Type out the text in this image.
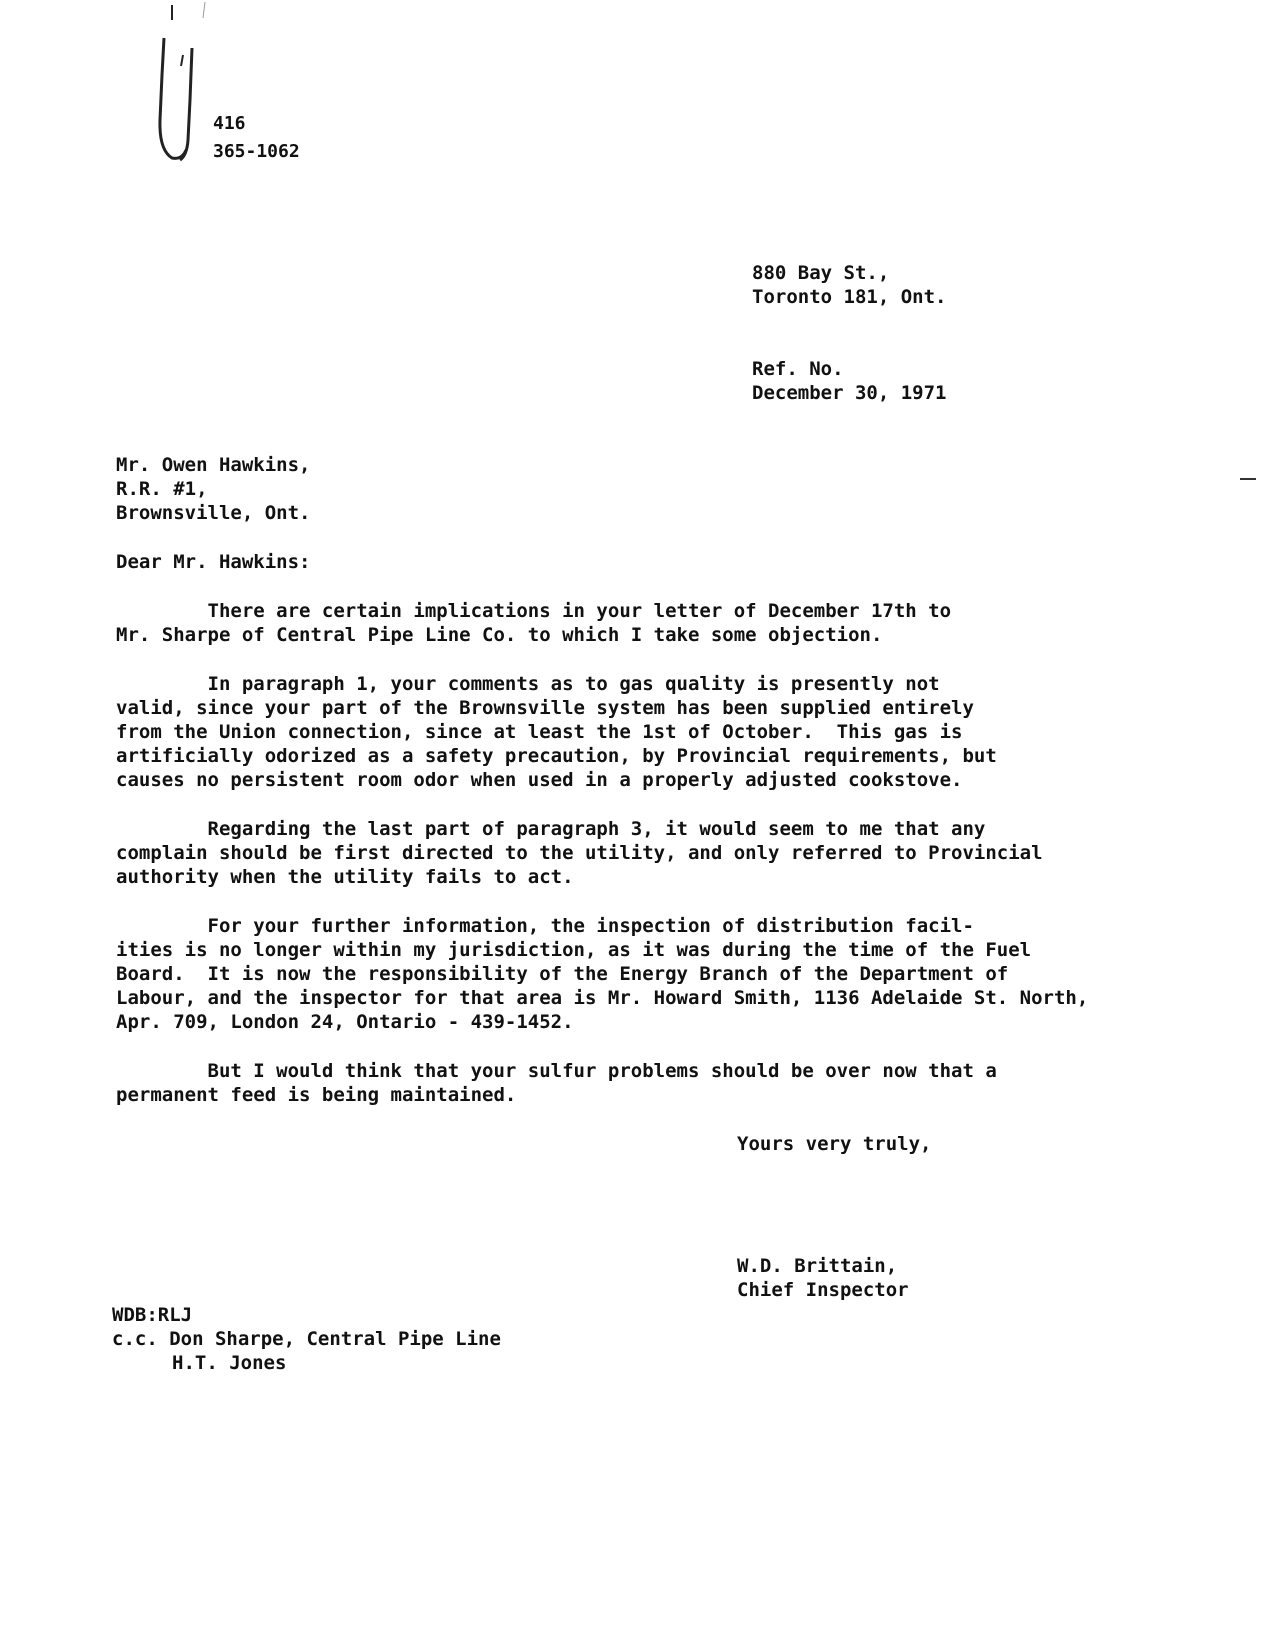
416
365-1062
880 Bay St.,
Toronto 181, Ont.
Ref. No.
December 30, 1971
Mr. Owen Hawkins,
R.R. #1,
Brownsville, Ont.
Dear Mr. Hawkins:
There are certain implications in your letter of December 17th to
Mr. Sharpe of Central Pipe Line Co. to which I take some objection.
In paragraph 1, your comments as to gas quality is presently not
valid, since your part of the Brownsville system has been supplied entirely
from the Union connection, since at least the 1st of October.  This gas is
artificially odorized as a safety precaution, by Provincial requirements, but
causes no persistent room odor when used in a properly adjusted cookstove.
Regarding the last part of paragraph 3, it would seem to me that any
complain should be first directed to the utility, and only referred to Provincial
authority when the utility fails to act.
For your further information, the inspection of distribution facil-
ities is no longer within my jurisdiction, as it was during the time of the Fuel
Board.  It is now the responsibility of the Energy Branch of the Department of
Labour, and the inspector for that area is Mr. Howard Smith, 1136 Adelaide St. North,
Apr. 709, London 24, Ontario - 439-1452.
But I would think that your sulfur problems should be over now that a
permanent feed is being maintained.
Yours very truly,
W.D. Brittain,
Chief Inspector
WDB:RLJ
c.c. Don Sharpe, Central Pipe Line
H.T. Jones
